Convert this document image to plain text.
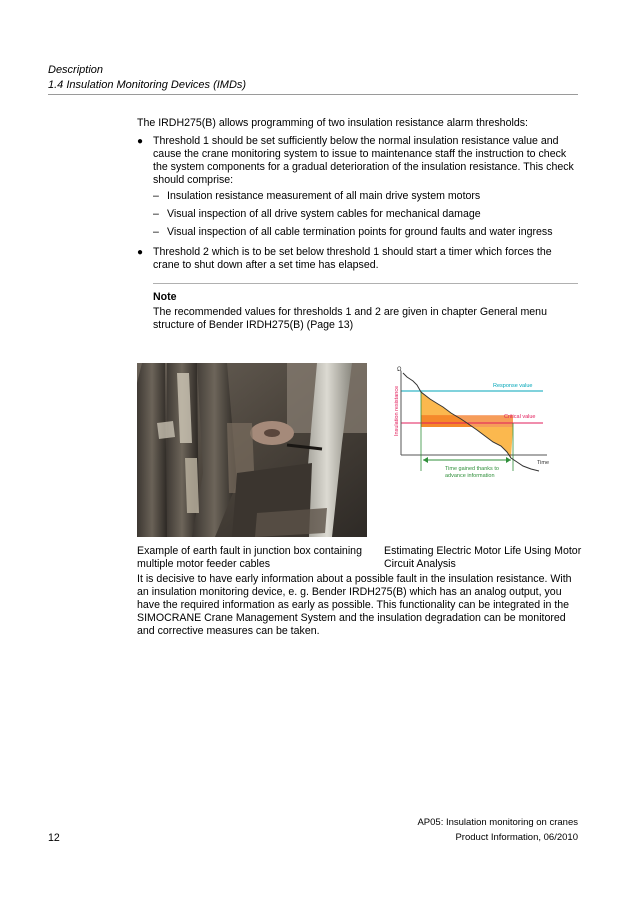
Description
1.4 Insulation Monitoring Devices (IMDs)
The IRDH275(B) allows programming of two insulation resistance alarm thresholds:
● Threshold 1 should be set sufficiently below the normal insulation resistance value and cause the crane monitoring system to issue to maintenance staff the instruction to check the system components for a gradual deterioration of the insulation resistance. This check should comprise:
– Insulation resistance measurement of all main drive system motors
– Visual inspection of all drive system cables for mechanical damage
– Visual inspection of all cable termination points for ground faults and water ingress
● Threshold 2 which is to be set below threshold 1 should start a timer which forces the crane to shut down after a set time has elapsed.
Note
The recommended values for thresholds 1 and 2 are given in chapter General menu structure of Bender IRDH275(B) (Page 13)
Ω
Insulation resistance	Response value
Critical value
Time
Time gained thanks to
advance information
Example of earth fault in junction box containing multiple motor feeder cables
Estimating Electric Motor Life Using Motor Circuit Analysis
It is decisive to have early information about a possible fault in the insulation resistance. With an insulation monitoring device, e. g. Bender IRDH275(B) which has an analog output, you have the required information as early as possible. This functionality can be integrated in the SIMOCRANE Crane Management System and the insulation degradation can be monitored and corrective measures can be taken.
AP05: Insulation monitoring on cranes
Product Information, 06/2010
12
